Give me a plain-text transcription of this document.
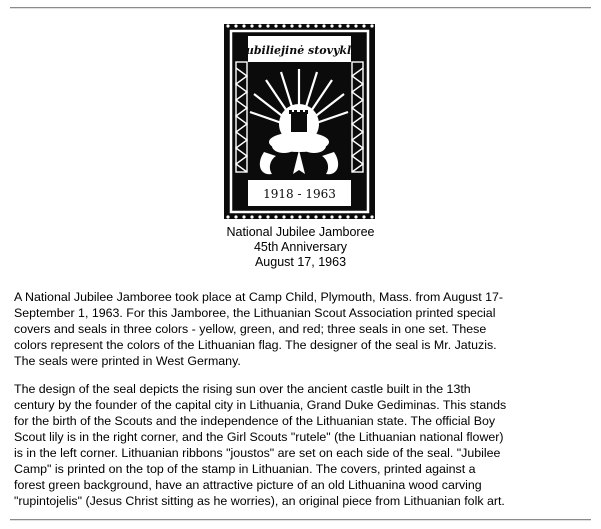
Jubiliejinė stovykla
1918 - 1963
National Jubilee Jamboree
45th Anniversary
August 17, 1963

A National Jubilee Jamboree took place at Camp Child, Plymouth, Mass. from August 17-
September 1, 1963. For this Jamboree, the Lithuanian Scout Association printed special
covers and seals in three colors - yellow, green, and red; three seals in one set. These
colors represent the colors of the Lithuanian flag. The designer of the seal is Mr. Jatuzis.
The seals were printed in West Germany.

The design of the seal depicts the rising sun over the ancient castle built in the 13th
century by the founder of the capital city in Lithuania, Grand Duke Gediminas. This stands
for the birth of the Scouts and the independence of the Lithuanian state. The official Boy
Scout lily is in the right corner, and the Girl Scouts "rutele" (the Lithuanian national flower)
is in the left corner. Lithuanian ribbons "joustos" are set on each side of the seal. "Jubilee
Camp" is printed on the top of the stamp in Lithuanian. The covers, printed against a
forest green background, have an attractive picture of an old Lithuanina wood carving
"rupintojelis" (Jesus Christ sitting as he worries), an original piece from Lithuanian folk art.
